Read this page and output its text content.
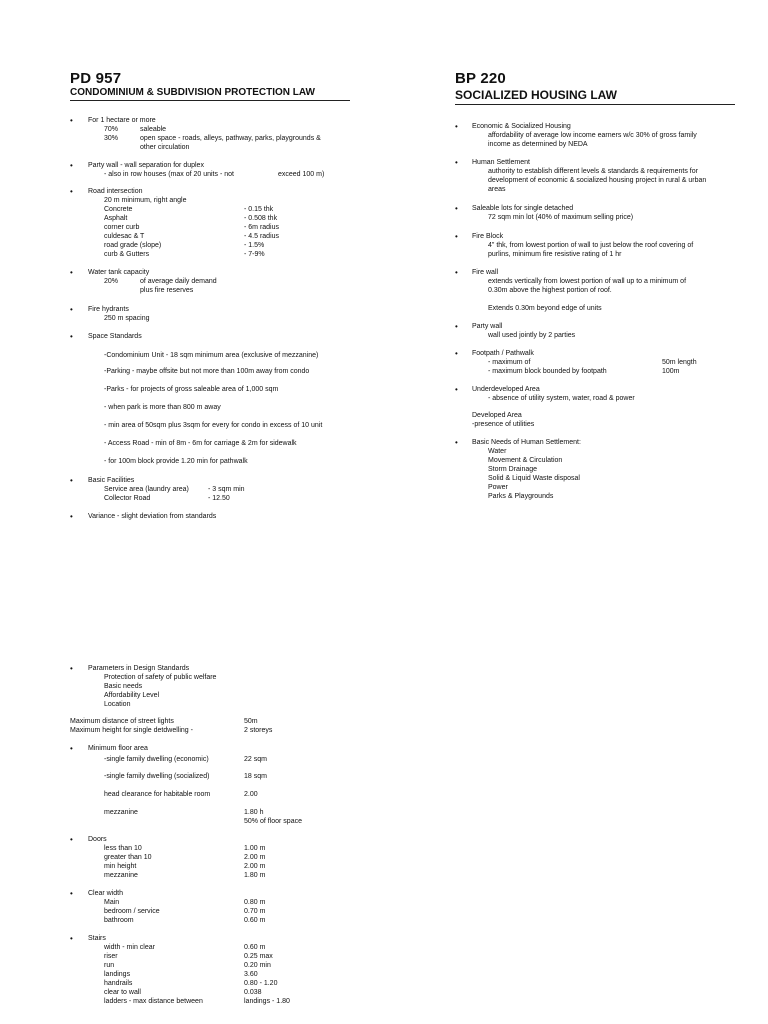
PD 957
CONDOMINIUM & SUBDIVISION PROTECTION LAW
• For 1 hectare or more
70%	saleable
30%	open space - roads, alleys, pathway, parks, playgrounds &
other circulation
• Party wall - wall separation for duplex
- also in row houses (max of 20 units - not	exceed 100 m)
• Road intersection
20 m minimum, right angle
Concrete	- 0.15 thk
Asphalt	- 0.508 thk
corner curb	- 6m radius
culdesac & T	- 4.5 radius
road grade (slope)	- 1.5%
curb & Gutters	- 7-9%
• Water tank capacity
20%	of average daily demand
plus fire reserves
• Fire hydrants
250 m spacing
• Space Standards
-Condominium Unit - 18 sqm minimum area (exclusive of mezzanine)
-Parking - maybe offsite but not more than 100m away from condo
-Parks - for projects of gross saleable area of 1,000 sqm
- when park is more than 800 m away
- min area of 50sqm plus 3sqm for every for condo in excess of 10 unit
- Access Road - min of 8m - 6m for carriage & 2m for sidewalk
- for 100m block provide 1.20 min for pathwalk
• Basic Facilities
Service area (laundry area)	- 3 sqm min
Collector Road	- 12.50
• Variance - slight deviation from standards
BP 220
SOCIALIZED HOUSING LAW
• Economic & Socialized Housing
affordability of average low income earners w/c 30% of gross family
income as determined by NEDA
• Human Settlement
authority to establish different levels & standards & requirements for
development of economic & socialized housing project in rural & urban
areas
• Saleable lots for single detached
72 sqm min lot (40% of maximum selling price)
• Fire Block
4" thk, from lowest portion of wall to just below the roof covering of
purlins, minimum fire resistive rating of 1 hr
• Fire wall
extends vertically from lowest portion of wall up to a minimum of
0.30m above the highest portion of roof.
Extends 0.30m beyond edge of units
• Party wall
wall used jointly by 2 parties
• Footpath / Pathwalk
- maximum of	50m length
- maximum block bounded by footpath	100m
• Underdeveloped Area
- absence of utility system, water, road & power
Developed Area
-presence of utilities
• Basic Needs of Human Settlement:
Water
Movement & Circulation
Storm Drainage
Solid & Liquid Waste disposal
Power
Parks & Playgrounds
• Parameters in Design Standards
Protection of safety of public welfare
Basic needs
Affordability Level
Location
Maximum distance of street lights	50m
Maximum height for single detdwelling -	2 storeys
• Minimum floor area
-single family dwelling (economic)	22 sqm
-single family dwelling (socialized)	18 sqm
head clearance for habitable room	2.00
mezzanine	1.80 h
50% of floor space
• Doors
less than 10	1.00 m
greater than 10	2.00 m
min height	2.00 m
mezzanine	1.80 m
• Clear width
Main	0.80 m
bedroom / service	0.70 m
bathroom	0.60 m
• Stairs
width - min clear	0.60 m
riser	0.25 max
run	0.20 min
landings	3.60
handrails	0.80 - 1.20
clear to wall	0.038
ladders - max distance between	landings - 1.80
